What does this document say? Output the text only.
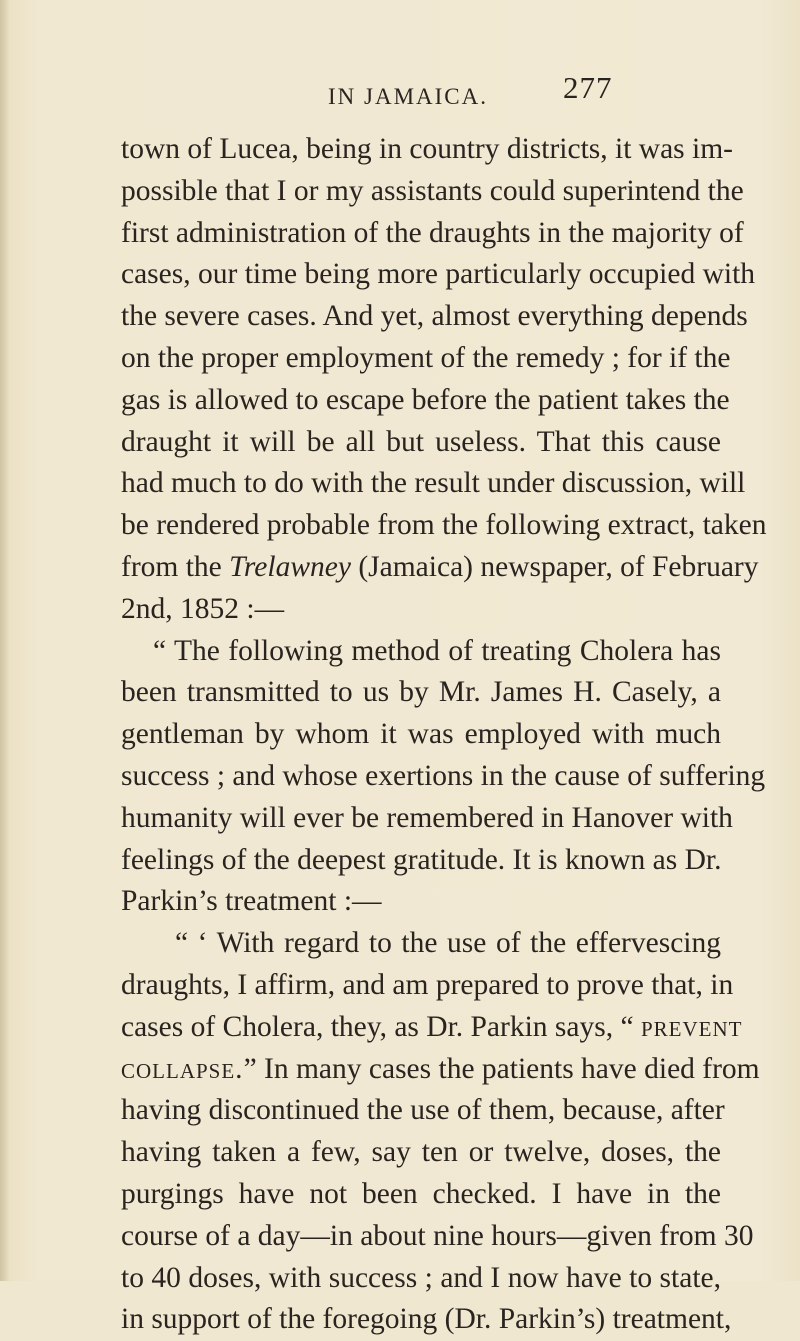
IN JAMAICA. 277
town of Lucea, being in country districts, it was im-
possible that I or my assistants could superintend the
first administration of the draughts in the majority of
cases, our time being more particularly occupied with
the severe cases. And yet, almost everything depends
on the proper employment of the remedy ; for if the
gas is allowed to escape before the patient takes the
draught it will be all but useless. That this cause
had much to do with the result under discussion, will
be rendered probable from the following extract, taken
from the Trelawney (Jamaica) newspaper, of February
2nd, 1852 :—
“ The following method of treating Cholera has
been transmitted to us by Mr. James H. Casely, a
gentleman by whom it was employed with much
success ; and whose exertions in the cause of suffering
humanity will ever be remembered in Hanover with
feelings of the deepest gratitude. It is known as Dr.
Parkin’s treatment :—
“ ‘ With regard to the use of the effervescing
draughts, I affirm, and am prepared to prove that, in
cases of Cholera, they, as Dr. Parkin says, “ prevent
collapse.” In many cases the patients have died from
having discontinued the use of them, because, after
having taken a few, say ten or twelve, doses, the
purgings have not been checked. I have in the
course of a day—in about nine hours—given from 30
to 40 doses, with success ; and I now have to state,
in support of the foregoing (Dr. Parkin’s) treatment,
